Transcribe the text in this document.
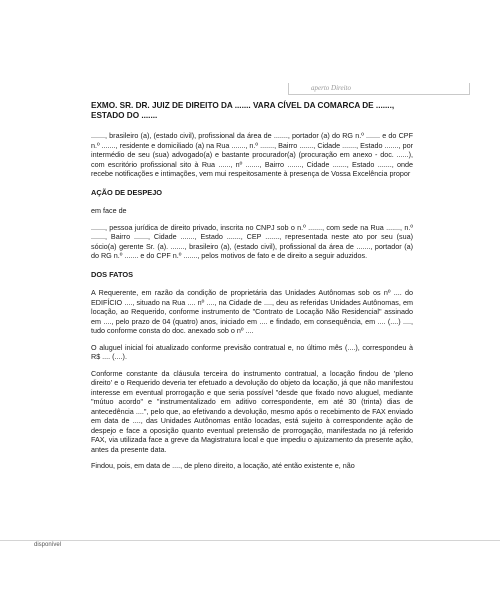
aperto Direito
EXMO. SR. DR. JUIZ DE DIREITO DA ....... VARA CÍVEL DA COMARCA DE ......., ESTADO DO .......

......., brasileiro (a), (estado civil), profissional da área de ......., portador (a) do RG n.º ....... e do CPF n.º ......., residente e domiciliado (a) na Rua ......., n.º ......., Bairro ......., Cidade ......., Estado ......., por intermédio de seu (sua) advogado(a) e bastante procurador(a) (procuração em anexo - doc. ......), com escritório profissional sito à Rua ......, nº ......., Bairro ......., Cidade ......., Estado ......., onde recebe notificações e intimações, vem mui respeitosamente à presença de Vossa Excelência propor

AÇÃO DE DESPEJO

em face de

......., pessoa jurídica de direito privado, inscrita no CNPJ sob o n.º ......., com sede na Rua ......., n.º ......., Bairro ......., Cidade ......., Estado ......., CEP ......., representada neste ato por seu (sua) sócio(a) gerente Sr. (a). ......., brasileiro (a), (estado civil), profissional da área de ......., portador (a) do RG n.º ....... e do CPF n.º ......., pelos motivos de fato e de direito a seguir aduzidos.

DOS FATOS

A Requerente, em razão da condição de proprietária das Unidades Autônomas sob os nº .... do EDIFÍCIO ...., situado na Rua .... nº ...., na Cidade de ...., deu as referidas Unidades Autônomas, em locação, ao Requerido, conforme instrumento de "Contrato de Locação Não Residencial" assinado em ...., pelo prazo de 04 (quatro) anos, iniciado em .... e findado, em consequência, em .... (....) ...., tudo conforme consta do doc. anexado sob o nº ....

O aluguel inicial foi atualizado conforme previsão contratual e, no último mês (....), correspondeu à R$ .... (....).

Conforme constante da cláusula terceira do instrumento contratual, a locação findou de 'pleno direito' e o Requerido deveria ter efetuado a devolução do objeto da locação, já que não manifestou interesse em eventual prorrogação e que seria possível "desde que fixado novo aluguel, mediante "mútuo acordo" e "instrumentalizado em aditivo correspondente, em até 30 (trinta) dias de antecedência ....", pelo que, ao efetivando a devolução, mesmo após o recebimento de FAX enviado em data de ...., das Unidades Autônomas então locadas, está sujeito à correspondente ação de despejo e face a oposição quanto eventual pretensão de prorrogação, manifestada no já referido FAX, via utilizada face a greve da Magistratura local e que impediu o ajuizamento da presente ação, antes da presente data.

Findou, pois, em data de ...., de pleno direito, a locação, até então existente e, não

disponível
